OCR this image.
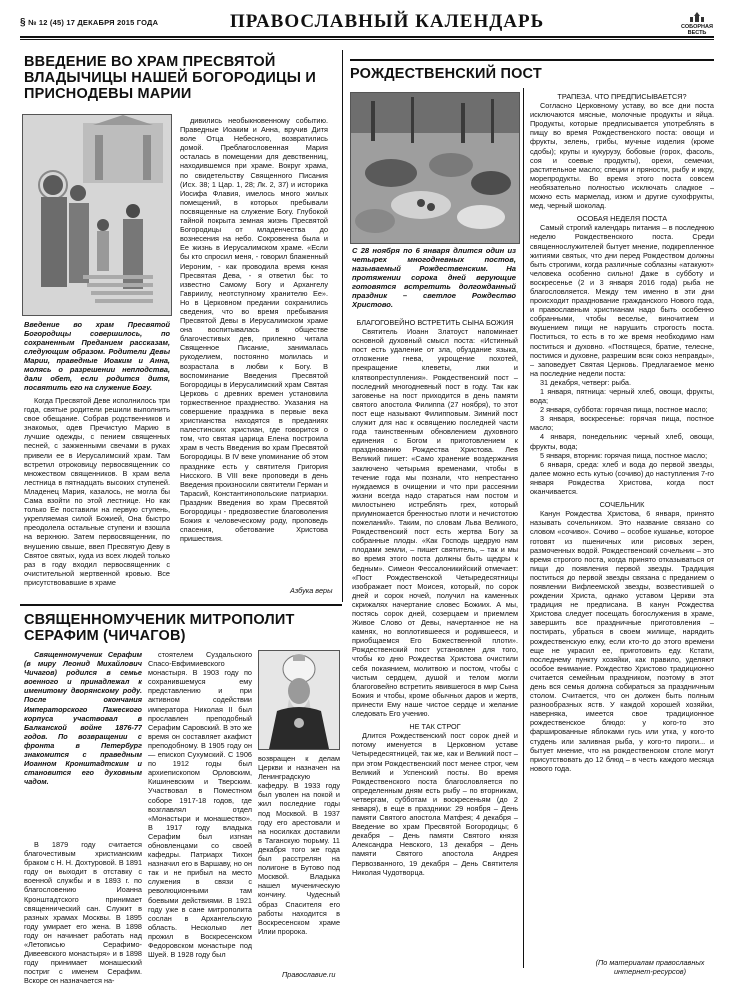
§ № 12 (45) 17 ДЕКАБРЯ 2015 ГОДА	ПРАВОСЛАВНЫЙ КАЛЕНДАРЬ	СОБОРНАЯ ВЕСТЬ
ВВЕДЕНИЕ ВО ХРАМ ПРЕСВЯТОЙ ВЛАДЫЧИЦЫ НАШЕЙ БОГОРОДИЦЫ И ПРИСНОДЕВЫ МАРИИ
Введение во храм Пресвятой Богородицы совершилось, по сохраненным Преданием рассказам, следующим образом. Родители Девы Марии, праведные Иоаким и Анна, молясь о разрешении неплодства, дали обет, если родится дитя, посвятить его на служение Богу.

Когда Пресвятой Деве исполнилось три года, святые родители решили выполнить свое обещание. Собрав родственников и знакомых, одев Пречистую Марию в лучшие одежды, с пением священных песней, с зажженными свечами в руках привели ее в Иерусалимский храм. Там встретил отроковицу первосвященник со множеством священников. В храм вела лестница в пятнадцать высоких ступеней. Младенец Мария, казалось, не могла бы Сама взойти по этой лестнице. Но как только Ее поставили на первую ступень, укрепляемая силой Божией, Она быстро преодолела остальные ступени и взошла на верхнюю. Затем первосвященник, по внушению свыше, ввел Пресвятую Деву в Святое святых, куда из всех людей только раз в году входил первосвященник с очистительной жертвенной кровью. Все присутствовавшие в храме

дивились необыкновенному событию. Праведные Иоаким и Анна, вручив Дитя воле Отца Небесного, возвратились домой. Преблагословенная Мария осталась в помещении для девственниц, находившемся при храме. Вокруг храма, по свидетельству Священного Писания (Исх. 38; 1 Цар. 1, 28; Лк. 2, 37) и историка Иосифа Флавия, имелось много жилых помещений, в которых пребывали посвященные на служение Богу. Глубокой тайной покрыта земная жизнь Пресвятой Богородицы от младенчества до вознесения на небо. Сокровенна была и Ее жизнь в Иерусалимском храме. «Если бы кто спросил меня, - говорил блаженный Иероним, - как проводила время юная Пресвятая Дева, - я ответил бы: то известно Самому Богу и Архангелу Гавриилу, неотступному хранителю Ее». Но в Церковном предании сохранились сведения, что во время пребывания Пресвятой Девы в Иерусалимском храме она воспитывалась в обществе благочестивых дев, прилежно читала Священное Писание, занималась рукоделием, постоянно молилась и возрастала в любви к Богу. В воспоминание Введения Пресвятой Богородицы в Иерусалимский храм Святая Церковь с древних времен установила торжественное празднество. Указания на совершение праздника в первые века христианства находятся в преданиях палестинских христиан, где говорится о том, что святая царица Елена построила храм в честь Введения во храм Пресвятой Богородицы. В IV веке упоминание об этом празднике есть у святителя Григория Нисского. В VIII веке проповеди в день Введения произносили святители Герман и Тарасий, Константинопольские патриархи. Праздник Введения во храм Пресвятой Богородицы - предвозвестие благоволения Божия к человеческому роду, проповедь спасения, обетование Христова пришествия.

Азбука веры
СВЯЩЕННОМУЧЕНИК МИТРОПОЛИТ СЕРАФИМ (ЧИЧАГОВ)

Священномученик Серафим (в миру Леонид Михайлович Чичагов) родился в семье военного и принадлежал к именитому дворянскому роду. После окончания Императорского Пажеского корпуса участвовал в Балканской войне 1876-77 годов. По возвращении с фронта в Петербург знакомится с праведным Иоанном Кронштадтским и становится его духовным чадом.

В 1879 году считается благочестивым христианским браком с Н. Н. Дохтуровой. В 1891 году он выходит в отставку с военной службы и в 1893 г. по благословению Иоанна Кронштадтского принимает священнический сан. Служит в разных храмах Москвы. В 1895 году умирает его жена. В 1898 году он начинает работать над «Летописью Серафимо-Дивеевского монастыря» и в 1898 году принимает монашеский постриг с именем Серафим. Вскоре он назначается на-

стоятелем Суздальского Спасо-Евфимиевского монастыря. В 1903 году по сохранившемуся ему представлению и при активном содействии императора Николая II был прославлен преподобный Серафим Саровский. В это же время он составляет акафист преподобному. В 1905 году он — епископ Сухумский. С 1906 по 1912 годы был архиепископом Орловским, Кишиневским и Тверским. Участвовал в Поместном соборе 1917-18 годов, где возглавлял отдел «Монастыри и монашество». В 1917 году владыка Серафим был изгнан обновленцами со своей кафедры. Патриарх Тихон назначил его в Варшаву, но он так и не прибыл на место служения в связи с революционными там боевыми действиями. В 1921 году уже в сане митрополита сослан в Архангельскую область. Несколько лет прожил в Воскресенском Федоровском монастыре под Шуей. В 1928 году был

возвращен к делам Церкви и назначен на Ленинградскую кафедру. В 1933 году был уволен на покой и жил последние годы под Москвой. В 1937 году его арестовали и на носилках доставили в Таганскую тюрьму. 11 декабря того же года был расстрелян на полигоне в Бутово под Москвой. Владыка нашел мученическую кончину. Чудесный образ Спасителя его работы находится в Воскресенском храме Илии пророка.

Православие.ru
РОЖДЕСТВЕНСКИЙ ПОСТ
С 28 ноября по 6 января длится один из четырех многодневных постов, называемый Рождественским. На протяжении сорока дней верующие готовятся встретить долгожданный праздник – светлое Рождество Христово.

БЛАГОГОВЕЙНО ВСТРЕТИТЬ СЫНА БОЖИЯ

Святитель Иоанн Златоуст напоминает основной духовный смысл поста: «Истинный пост есть удаление от зла, обуздание языка, отложение гнева, укрощение похотей, прекращение клеветы, лжи и клятвопреступления». Рождественский пост – последний многодневный пост в году. Так как заговенье на пост приходится в день памяти святого апостола Филиппа (27 ноября), то этот пост еще называют Филипповым. Зимний пост служит для нас к освящению последней части года таинственным обновлением духовного единения с Богом и приготовлением к празднованию Рождества Христова. Лев Великий пишет: «Само хранение воздержания заключено четырьмя временами, чтобы в течение года мы познали, что непрестанно нуждаемся в очищении и что при рассеянии жизни всегда надо стараться нам постом и милостынею истреблять грех, который приумножается бренностью плоти и нечистотою пожеланий». Таким, по словам Льва Великого, Рождественский пост есть жертва Богу за собранные плоды. «Как Господь щедрую нам плодами земли, – пишет святитель, – так и мы во время этого поста должны быть щедры к бедным». Симеон Фессалоникийский отмечает: «Пост Рождественской Четыредесятницы изображает пост Моисея, который, по сорок дней и сорок ночей, получил на каменных скрижалях начертание словес Божиих. А мы, постясь сорок дней, созерцаем и приемлем Живое Слово от Девы, начертанное не на камнях, но воплотившееся и родившееся, и приобщаемся Его Божественной плоти». Рождественский пост установлен для того, чтобы ко дню Рождества Христова очистили себя покаянием, молитвою и постом, чтобы с чистым сердцем, душой и телом могли благоговейно встретить явившегося в мир Сына Божия и чтобы, кроме обычных даров и жертв, принести Ему наше чистое сердце и желание следовать Его учению.

НЕ ТАК СТРОГ

Длится Рождественский пост сорок дней и потому именуется в Церковном уставе Четыредесятницей, так же, как и Великий пост – при этом Рождественский пост менее строг, чем Великий и Успенский посты. Во время Рождественского поста благословляется по определенным дням есть рыбу – по вторникам, четвергам, субботам и воскресеньям (до 2 января), в еще в праздники: 29 ноября – День памяти Святого апостола Матфея; 4 декабря – Введение во храм Пресвятой Богородицы; 6 декабря – День памяти Святого князя Александра Невского, 13 декабря – День памяти Святого апостола Андрея Первозванного, 19 декабря – День Святителя Николая Чудотворца.

ТРАПЕЗА. ЧТО ПРЕДПИСЫВАЕТСЯ?

Согласно Церковному уставу, во все дни поста исключаются мясные, молочные продукты и яйца. Продукты, которые предписывается употреблять в пищу во время Рождественского поста: овощи и фрукты, зелень, грибы, мучные изделия (кроме сдобы); крупы и кукурузу, бобовые (горох, фасоль, соя и соевые продукты), орехи, семечки, растительное масло; специи и пряности, рыбу и икру, морепродукты. Во время этого поста совсем необязательно полностью исключать сладкое – можно есть мармелад, изюм и другие сухофрукты, мед, черный шоколад.

ОСОБАЯ НЕДЕЛЯ ПОСТА

Самый строгий календарь питания – в последнюю неделю Рождественского поста. Среди священнослужителей бытует мнение, подкрепленное житиями святых, что дни перед Рождеством должны быть строгими, когда различные соблазны «атакуют» человека особенно сильно! Даже в субботу и воскресенье (2 и 3 января 2016 года) рыба не благословляется. Между тем именно в эти дни происходит празднование гражданского Нового года, и православным христианам надо быть особенно собранными, чтобы веселье, виночитием и вкушением пищи не нарушить строгость поста. Поститься, то есть в то же время необходимо нам поститься и духовно. «Постящеся, братие, телесне, постимся и духовне, разрешим всяк союз неправды», – заповедует Святая Церковь. Предлагаемое меню на последние недели поста:

31 декабря, четверг: рыба.

1 января, пятница: черный хлеб, овощи, фрукты, вода;

2 января, суббота: горячая пища, постное масло;

3 января, воскресенье: горячая пища, постное масло;

4 января, понедельник: черный хлеб, овощи, фрукты, вода;

5 января, вторник: горячая пища, постное масло;

6 января, среда: хлеб и вода до первой звезды, далее можно есть кутью (сочиво) до наступления 7-го января Рождества Христова, когда пост оканчивается.

СОЧЕЛЬНИК

Канун Рождества Христова, 6 января, принято называть сочельником. Это название связано со словом «сочиво». Сочиво – особое кушанье, которое готовят из пшеничных или рисовых зерен, размоченных водой. Рождественский сочельник – это время строгого поста, когда принято отказываться от пищи до появления первой звезды. Традиция поститься до первой звезды связана с преданием о появлении Вифлеемской звезды, возвестившей о рождении Христа, однако уставом Церкви эта традиция не предписана. В канун Рождества Христова следует посещать богослужения в храме, завершить все праздничные приготовления – постирать, убраться в своем жилище, нарядить рождественскую елку, если кто-то до этого времени еще не украсил ее, приготовить еду. Кстати, последнему пункту хозяйки, как правило, уделяют особое внимание. Рождество Христово традиционно считается семейным праздником, поэтому в этот день вся семья должна собираться за праздничным столом. Считается, что он должен быть полным разнообразных яств. У каждой хорошей хозяйки, наверняка, имеется свое традиционное рождественское блюдо: у кого-то это фаршированные яблоками гусь или утка, у кого-то студень или заливная рыба, у кого-то пироги... и бытует мнение, что на рождественском столе могут присутствовать до 12 блюд – в честь каждого месяца нового года.

(По материалам православных интернет-ресурсов)
